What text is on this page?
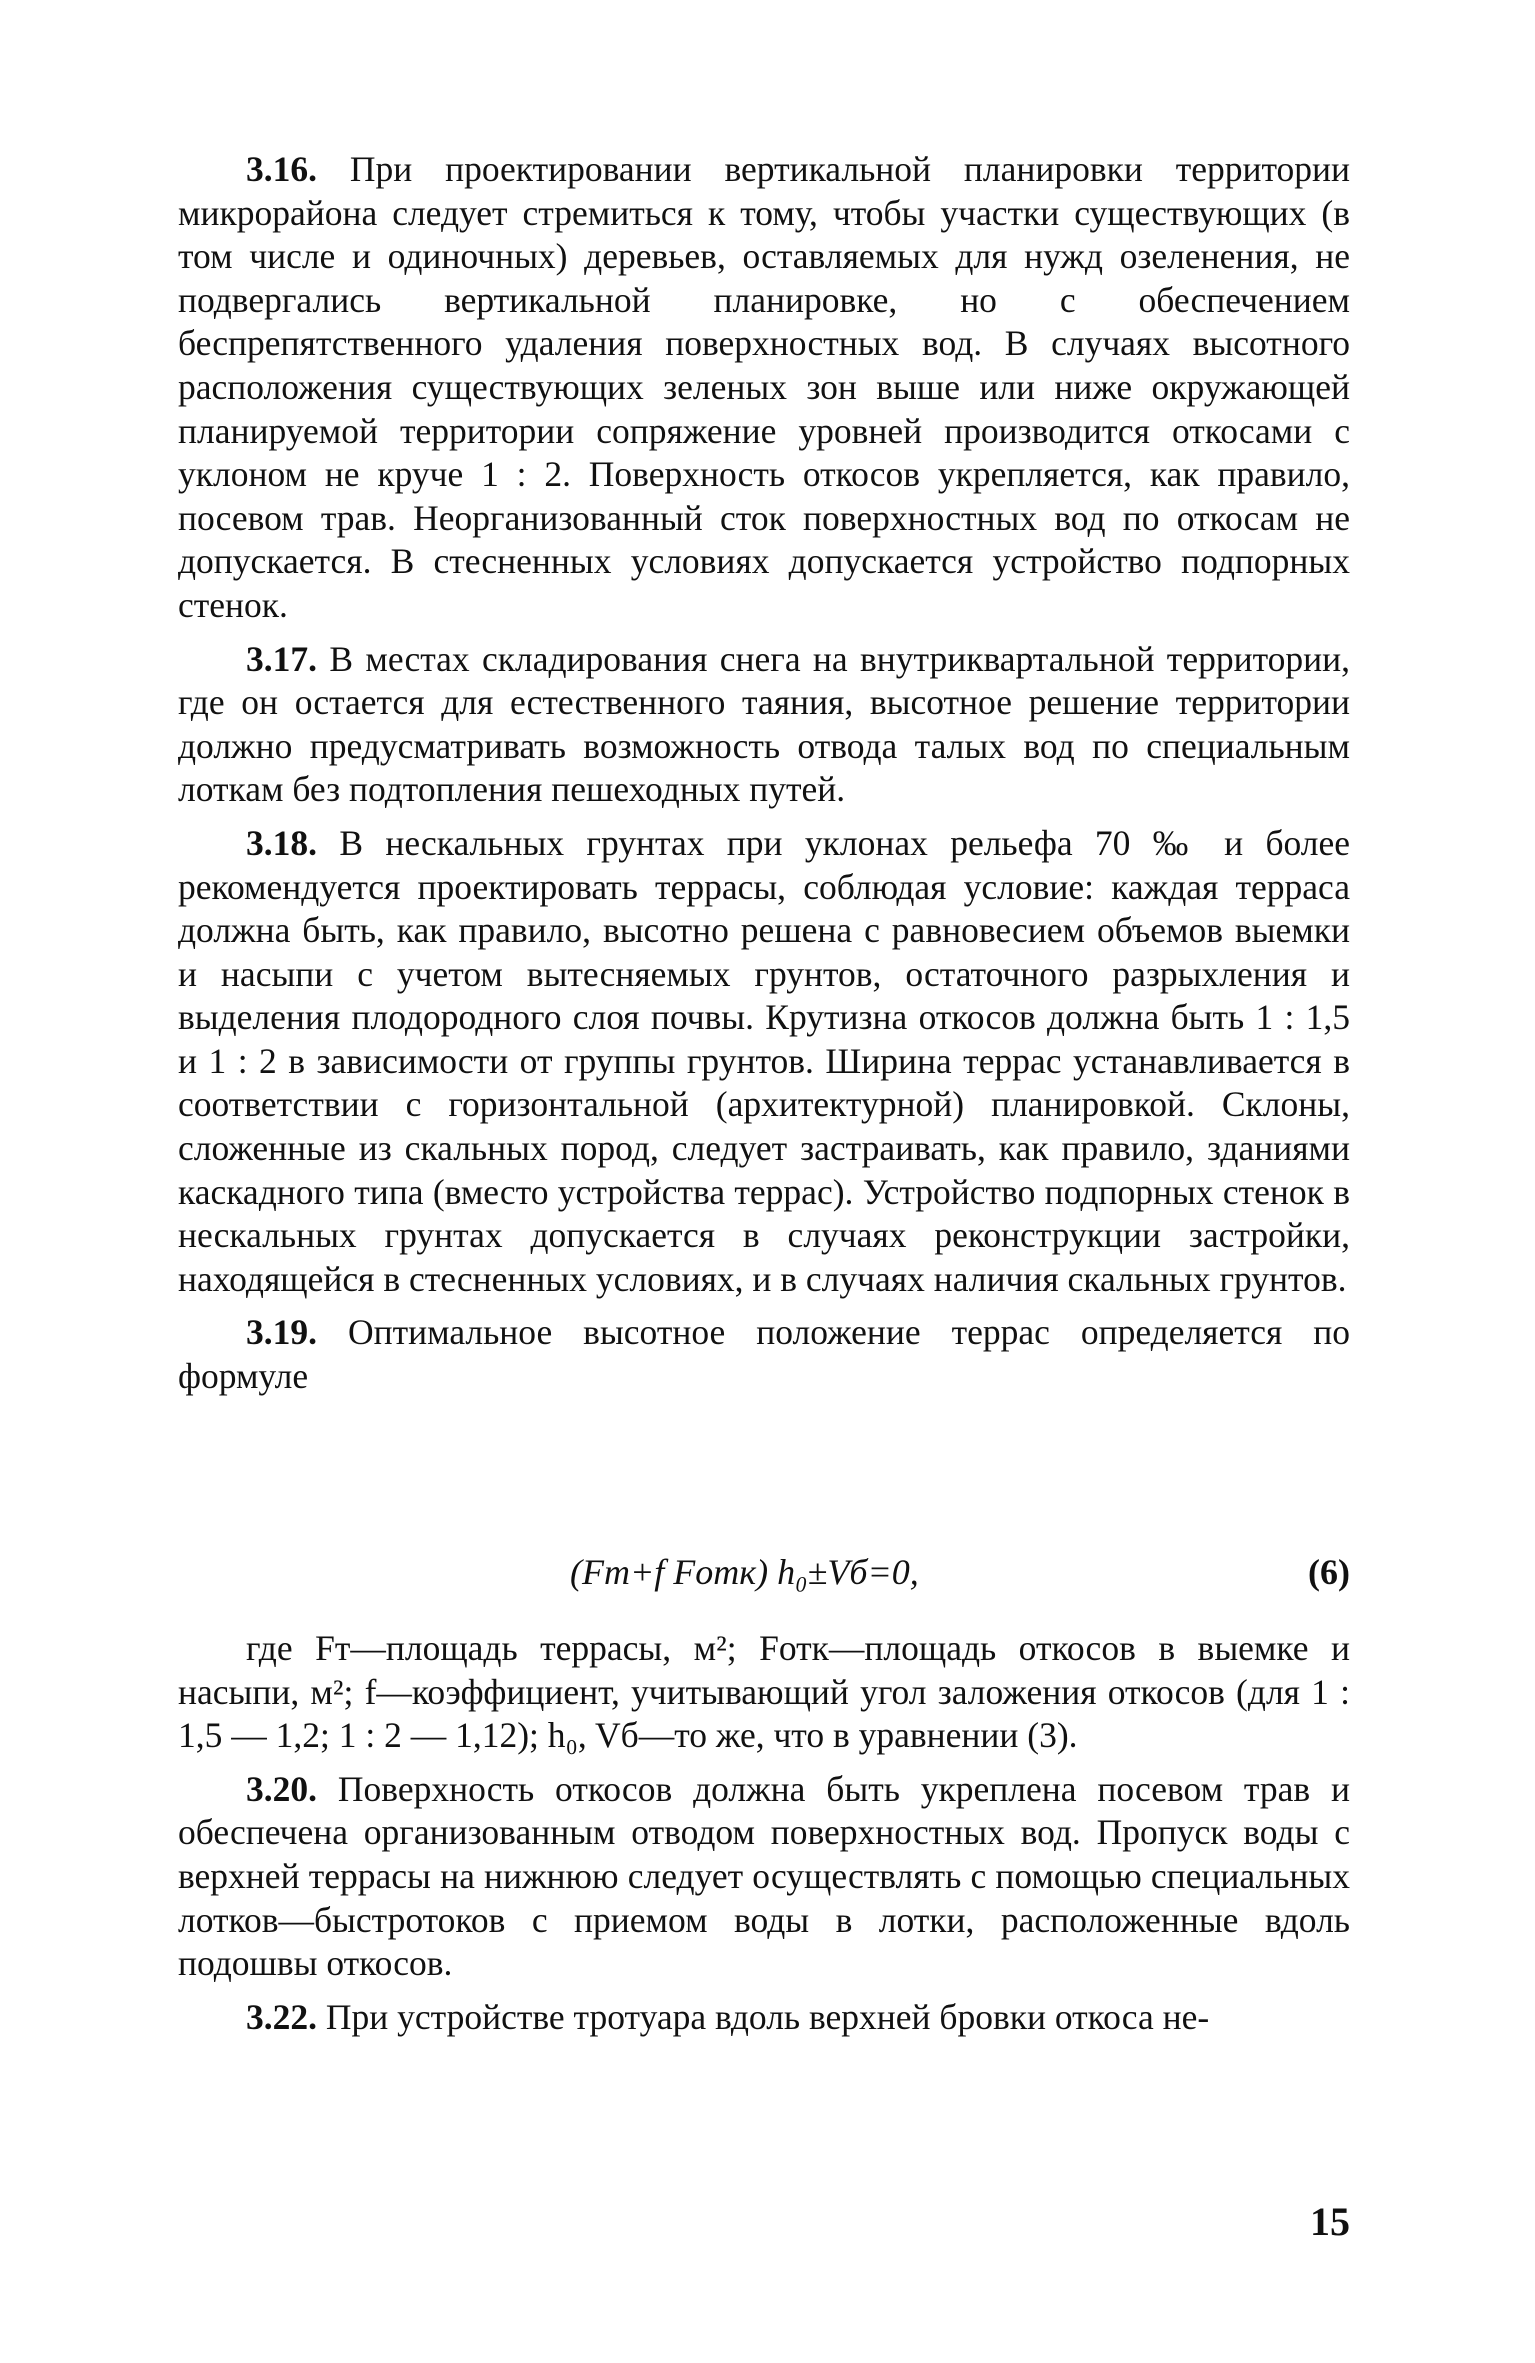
3.16. При проектировании вертикальной планировки территории микрорайона следует стремиться к тому, чтобы участки существующих (в том числе и одиночных) деревьев, оставляемых для нужд озеленения, не подвергались вертикальной планировке, но с обеспечением беспрепятственного удаления поверхностных вод. В случаях высотного расположения существующих зеленых зон выше или ниже окружающей планируемой территории сопряжение уровней производится откосами с уклоном не круче 1 : 2. Поверхность откосов укрепляется, как правило, посевом трав. Неорганизованный сток поверхностных вод по откосам не допускается. В стесненных условиях допускается устройство подпорных стенок.

3.17. В местах складирования снега на внутриквартальной территории, где он остается для естественного таяния, высотное решение территории должно предусматривать возможность отвода талых вод по специальным лоткам без подтопления пешеходных путей.

3.18. В нескальных грунтах при уклонах рельефа 70 ‰ и более рекомендуется проектировать террасы, соблюдая условие: каждая терраса должна быть, как правило, высотно решена с равновесием объемов выемки и насыпи с учетом вытесняемых грунтов, остаточного разрыхления и выделения плодородного слоя почвы. Крутизна откосов должна быть 1 : 1,5 и 1 : 2 в зависимости от группы грунтов. Ширина террас устанавливается в соответствии с горизонтальной (архитектурной) планировкой. Склоны, сложенные из скальных пород, следует застраивать, как правило, зданиями каскадного типа (вместо устройства террас). Устройство подпорных стенок в нескальных грунтах допускается в случаях реконструкции застройки, находящейся в стесненных условиях, и в случаях наличия скальных грунтов.

3.19. Оптимальное высотное положение террас определяется по формуле

(Fт+f Fотк) h₀±Vб=0,	(6)

где Fт—площадь террасы, м²; Fотк—площадь откосов в выемке и насыпи, м²; f—коэффициент, учитывающий угол заложения откосов (для 1 : 1,5 — 1,2; 1 : 2 — 1,12); h₀, Vб—то же, что в уравнении (3).

3.20. Поверхность откосов должна быть укреплена посевом трав и обеспечена организованным отводом поверхностных вод. Пропуск воды с верхней террасы на нижнюю следует осуществлять с помощью специальных лотков—быстротоков с приемом воды в лотки, расположенные вдоль подошвы откосов.

3.22. При устройстве тротуара вдоль верхней бровки откоса не-

15
